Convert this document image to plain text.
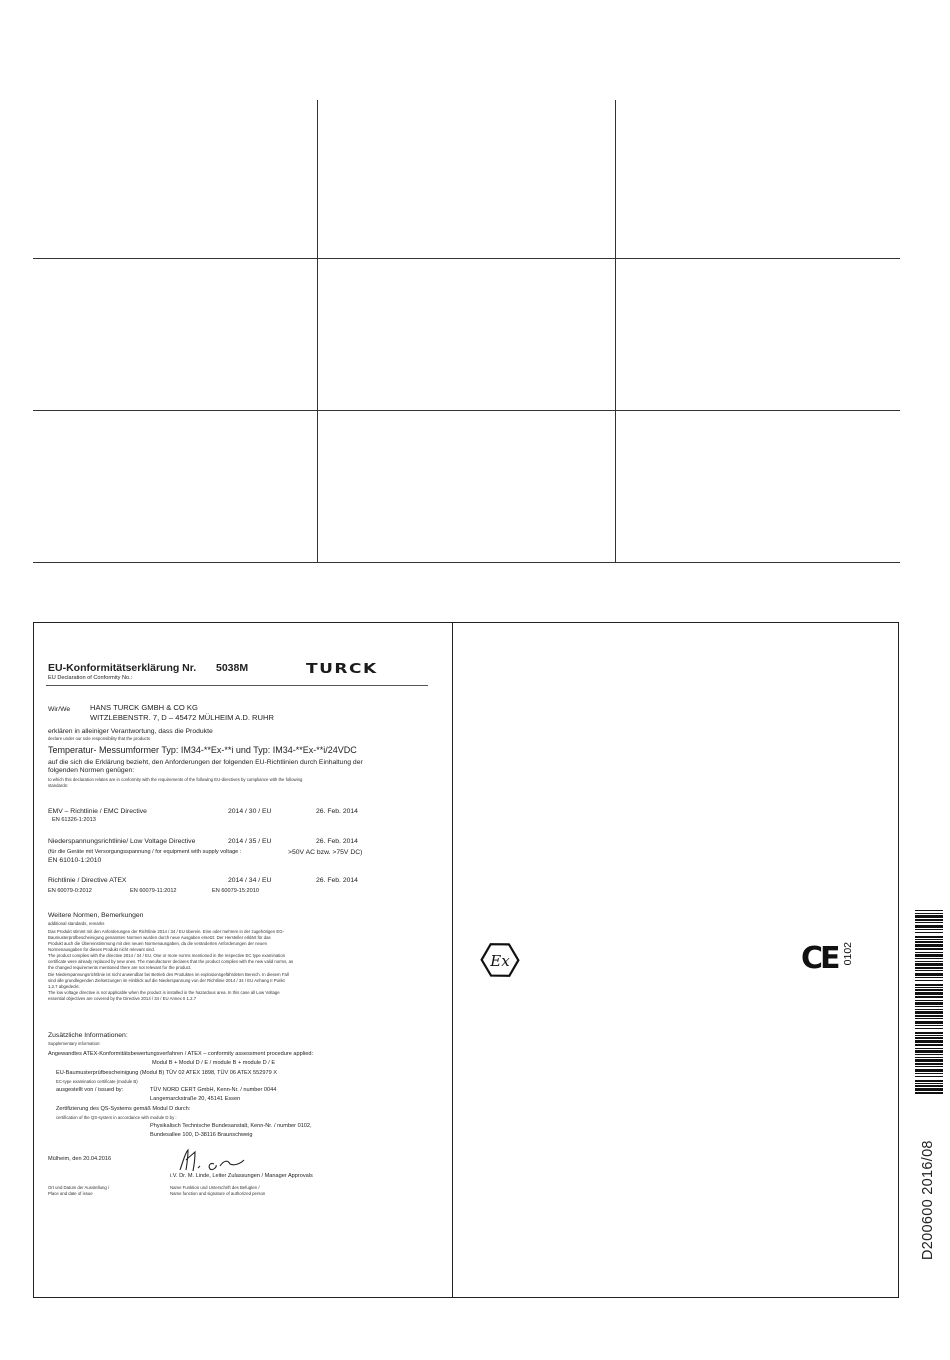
EU-Konformitätserklärung Nr. 5038M
EU Declaration of Conformity No.:
TURCK
Wir/We	HANS TURCK GMBH & CO KG
WITZLEBENSTR. 7, D – 45472 MÜLHEIM A.D. RUHR
erklären in alleiniger Verantwortung, dass die Produkte
declare under our sole responsibility that the products
Temperatur- Messumformer Typ: IM34-**Ex-**i und Typ: IM34-**Ex-**i/24VDC
auf die sich die Erklärung bezieht, den Anforderungen der folgenden EU-Richtlinien durch Einhaltung der
folgenden Normen genügen:
to which this declaration relates are in conformity with the requirements of the following EU-directives by compliance with the following
standards:
EMV – Richtlinie / EMC Directive	2014 / 30 / EU	26. Feb. 2014
EN 61326-1:2013
Niederspannungsrichtlinie/ Low Voltage Directive	2014 / 35 / EU	26. Feb. 2014
(für die Geräte mit Versorgungsspannung / for equipment with supply voltage :	>50V AC bzw. >75V DC)
EN 61010-1:2010
Richtlinie / Directive ATEX	2014 / 34 / EU	26. Feb. 2014
EN 60079-0:2012	EN 60079-11:2012	EN 60079-15:2010
Weitere Normen, Bemerkungen
additional standards, remarks
Das Produkt stimmt mit den Anforderungen der Richtlinie 2014 / 34 / EU überein. Eine oder mehrere in der zugehörigen EG-
Baumusterprüfbescheinigung genannten Normen wurden durch neue Ausgaben ersetzt. Der Hersteller erklärt für das
Produkt auch die Übereinstimmung mit den neuen Normenausgaben, da die veränderten Anforderungen der neuen
Normenausgaben für dieses Produkt nicht relevant sind.
The product complies with the directive 2014 / 34 / EU. One or more norms mentioned in the respective EC type examination
certificate were already replaced by new ones. The manufacturer declares that the product complies with the new valid norms, as
the changed requirements mentioned there are not relevant for the product.
Die Niederspannungsrichtlinie ist nicht anwendbar bei Betrieb des Produktes im explosionsgefährdeten Bereich. In diesem Fall
sind alle grundlegenden Zielsetzungen im Hinblick auf die Niederspannung von der Richtlinie 2014 / 34 / EU Anhang II Punkt
1.2.7 abgedeckt.
The low voltage directive is not applicable when the product is installed in the hazardous area. In this case all Low Voltage
essential objectives are covered by the Directive 2014 / 34 / EU Annex II 1.2.7
Zusätzliche Informationen:
Supplementary information:
Angewandtes ATEX-Konformitätsbewertungsverfahren / ATEX – conformity assessment procedure applied:
Modul B + Modul D / E / module B + module D / E
EU-Baumusterprüfbescheinigung (Modul B) TÜV 02 ATEX 1898, TÜV 06 ATEX 552979 X
EC-type examination certificate (module B)
ausgestellt von / issued by:	TÜV NORD CERT GmbH, Kenn-Nr. / number 0044
Langemarckstraße 20, 45141 Essen
Zertifizierung des QS-Systems gemäß Modul D durch:
certification of the QS-system in accordance with module D by :
Physikalisch Technische Bundesanstalt, Kenn-Nr. / number 0102,
Bundesallee 100, D-38116 Braunschweig
Mülheim, den 20.04.2016
i.V. Dr. M. Linde, Leiter Zulassungen / Manager Approvals
Ort und Datum der Ausstellung /
Place and date of issue
Name Funktion und Unterschrift des Befugten /
Name function and signature of authorized person
Ex	CE 0102
D200600 2016/08
